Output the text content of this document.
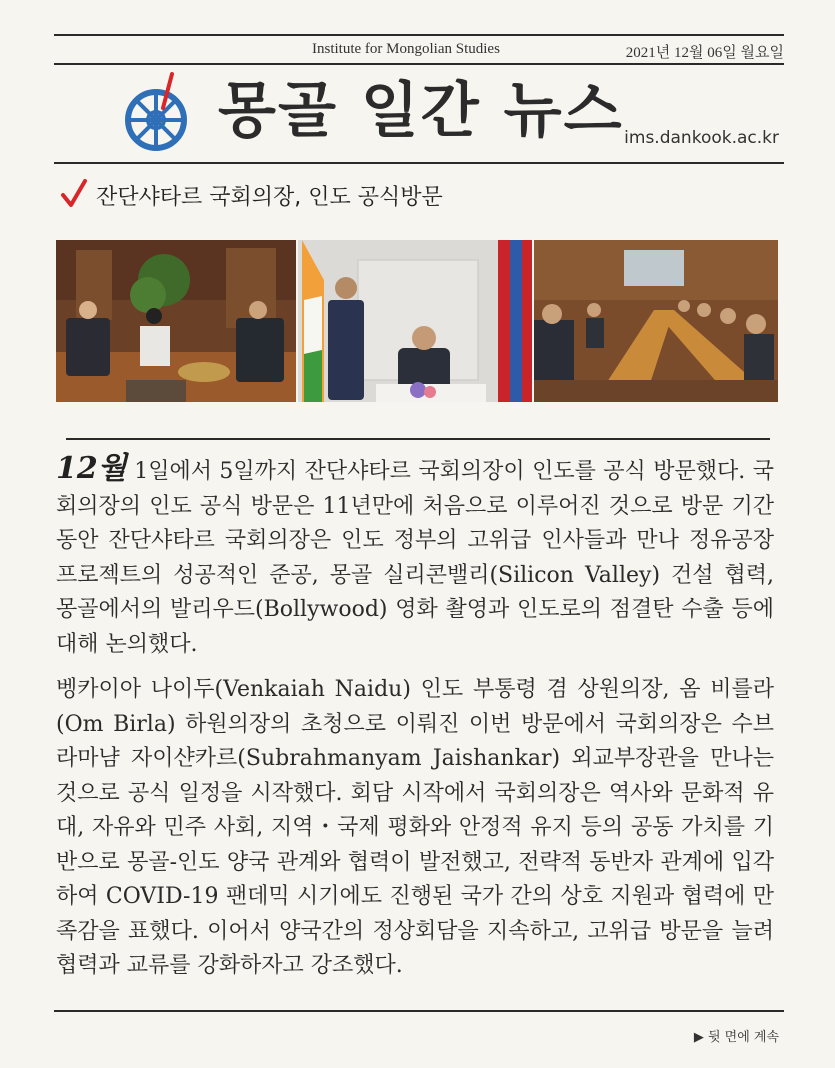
Institute for Mongolian Studies	2021년 12월 06일 월요일
몽골 일간 뉴스 ims.dankook.ac.kr
잔단샤타르 국회의장, 인도 공식방문

12월 1일에서 5일까지 잔단샤타르 국회의장이 인도를 공식 방문했다. 국회의장의 인도 공식 방문은 11년만에 처음으로 이루어진 것으로 방문 기간 동안 잔단샤타르 국회의장은 인도 정부의 고위급 인사들과 만나 정유공장 프로젝트의 성공적인 준공, 몽골 실리콘밸리(Silicon Valley) 건설 협력, 몽골에서의 발리우드(Bollywood) 영화 촬영과 인도로의 점결탄 수출 등에 대해 논의했다.

벵카이아 나이두(Venkaiah Naidu) 인도 부통령 겸 상원의장, 옴 비를라(Om Birla) 하원의장의 초청으로 이뤄진 이번 방문에서 국회의장은 수브라마냠 자이샨카르(Subrahmanyam Jaishankar) 외교부장관을 만나는 것으로 공식 일정을 시작했다. 회담 시작에서 국회의장은 역사와 문화적 유대, 자유와 민주 사회, 지역・국제 평화와 안정적 유지 등의 공동 가치를 기반으로 몽골-인도 양국 관계와 협력이 발전했고, 전략적 동반자 관계에 입각하여 COVID-19 팬데믹 시기에도 진행된 국가 간의 상호 지원과 협력에 만족감을 표했다. 이어서 양국간의 정상회담을 지속하고, 고위급 방문을 늘려 협력과 교류를 강화하자고 강조했다.

▶ 뒷 면에 계속
